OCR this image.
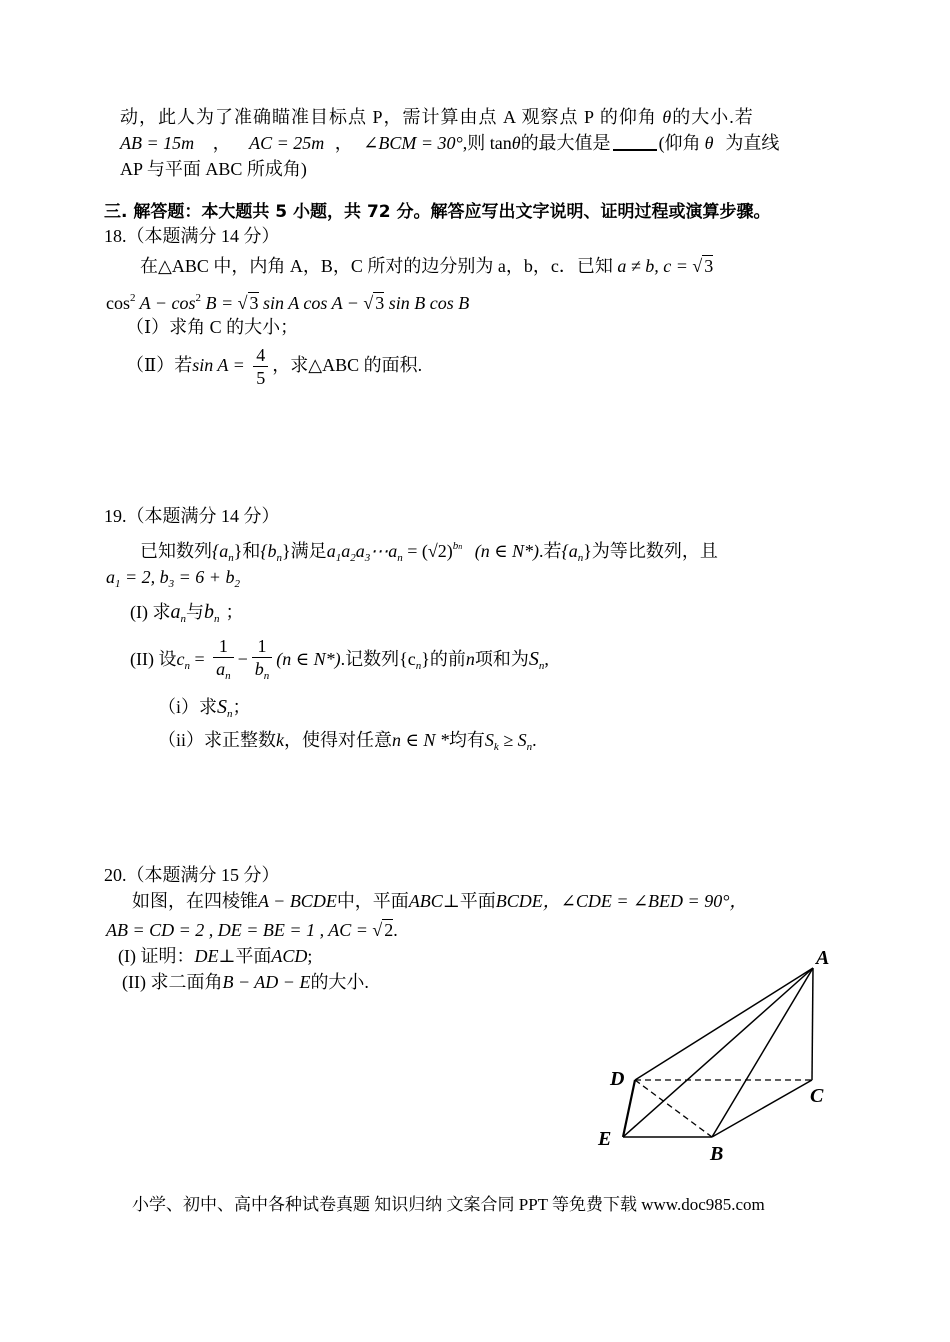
动，此人为了准确瞄准目标点 P，需计算由点 A 观察点 P 的仰角 θ的大小.若
AB = 15m ， AC = 25m ， ∠BCM = 30°,则 tanθ的最大值是	(仰角 θ 为直线
AP 与平面 ABC 所成角)
三. 解答题：本大题共 5 小题，共 72 分。解答应写出文字说明、证明过程或演算步骤。
18.（本题满分 14 分）
在△ABC 中，内角 A，B，C 所对的边分别为 a，b，c．已知 a ≠ b, c = √ 3
$\cos^2 A - \cos^2 B$ = √ 3 sin A cos A − √ 3 sin B cos B
（Ⅰ）求角 C 的大小；
（Ⅱ）若$\sin A = \frac{4}{5}$ ，求△ABC 的面积.
19.（本题满分 14 分）
已知数列$\{a_n\}$和$\{b_n\}$满足$a_1a_2a_3\cdots a_n = (√2)^{bn}$ (n ∈ N*).若$\{a_n\}$为等比数列，且
$a_1 = 2$, $b_3 = 6 + b_2$
(I) 求$a_n$与$b_n$ ；
(II) 设$c_n = \frac{1}{a_n} - \frac{1}{b_n} (n$ ∈ N*).记数列$\{c_n\}$的前n项和为$S_n$,
（i）求$S_n$；
（ii）求正整数k，使得对任意n ∈ N *均有$S_k \ge S_n$.
20.（本题满分 15 分）
如图，在四棱锥A − BCDE中，平面ABC⊥平面BCDE，∠CDE = ∠BED = 90°，
AB = CD = 2 , DE = BE = 1 , AC = √ 2.
(I) 证明：DE⊥平面ACD;
(II) 求二面角B − AD − E的大小.
A
D
C
E
B
小学、初中、高中各种试卷真题 知识归纳 文案合同 PPT 等免费下载 www.doc985.com
